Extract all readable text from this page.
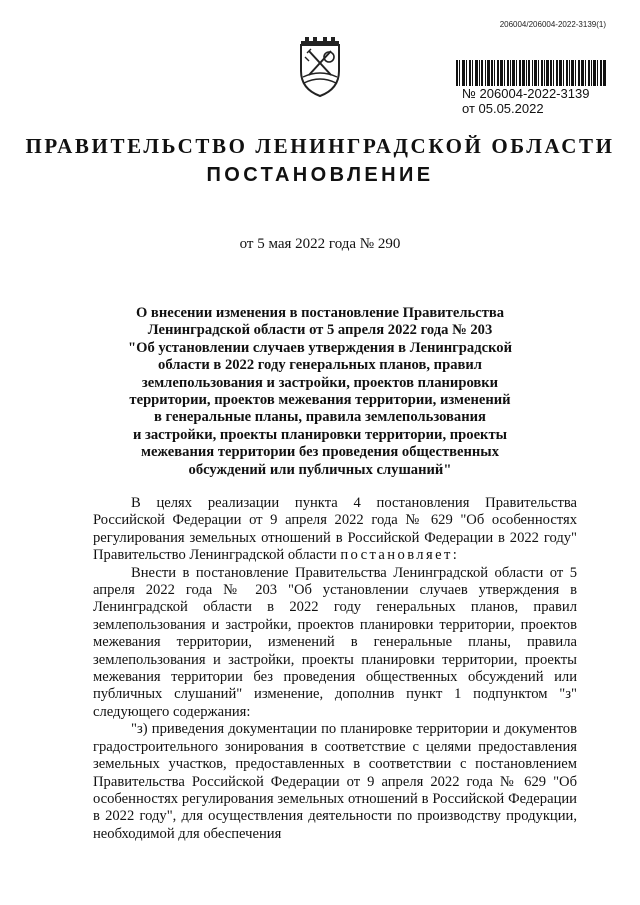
206004/206004-2022-3139(1)
№ 206004-2022-3139
от 05.05.2022
ПРАВИТЕЛЬСТВО ЛЕНИНГРАДСКОЙ ОБЛАСТИ
ПОСТАНОВЛЕНИЕ
от 5 мая 2022 года № 290
О внесении изменения в постановление Правительства
Ленинградской области от 5 апреля 2022 года № 203
"Об установлении случаев утверждения в Ленинградской
области в 2022 году генеральных планов, правил
землепользования и застройки, проектов планировки
территории, проектов межевания территории, изменений
в генеральные планы, правила землепользования
и застройки, проекты планировки территории, проекты
межевания территории без проведения общественных
обсуждений или публичных слушаний"

В целях реализации пункта 4 постановления Правительства Российской Федерации от 9 апреля 2022 года № 629 "Об особенностях регулирования земельных отношений в Российской Федерации в 2022 году" Правительство Ленинградской области постановляет:

Внести в постановление Правительства Ленинградской области от 5 апреля 2022 года № 203 "Об установлении случаев утверждения в Ленинградской области в 2022 году генеральных планов, правил землепользования и застройки, проектов планировки территории, проектов межевания территории, изменений в генеральные планы, правила землепользования и застройки, проекты планировки территории, проекты межевания территории без проведения общественных обсуждений или публичных слушаний" изменение, дополнив пункт 1 подпунктом "з" следующего содержания:

"з) приведения документации по планировке территории и документов градостроительного зонирования в соответствие с целями предоставления земельных участков, предоставленных в соответствии с постановлением Правительства Российской Федерации от 9 апреля 2022 года № 629 "Об особенностях регулирования земельных отношений в Российской Федерации в 2022 году", для осуществления деятельности по производству продукции, необходимой для обеспечения
